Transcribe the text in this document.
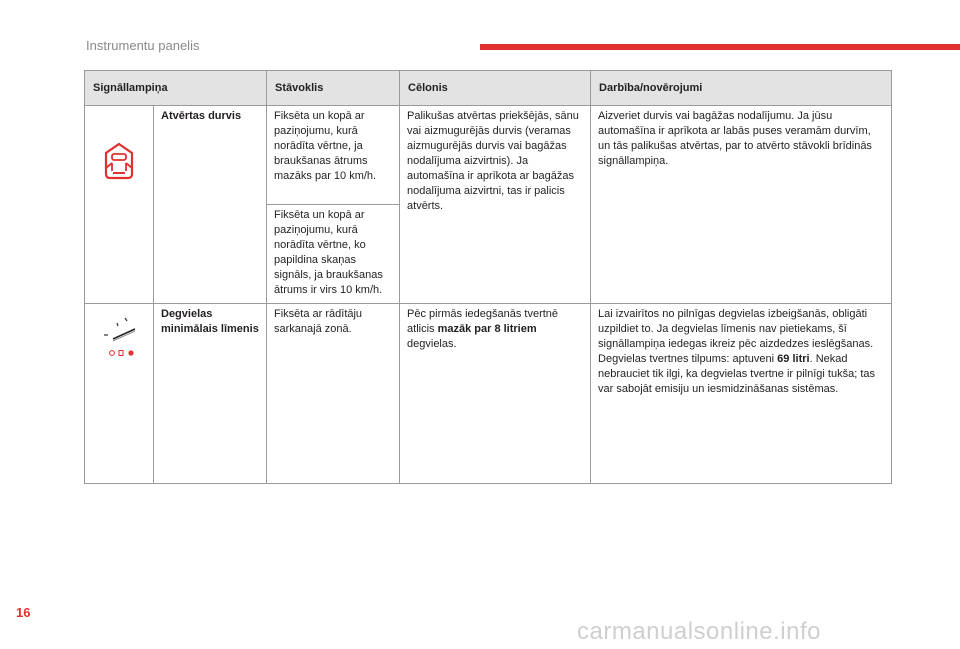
Instrumentu panelis
Signāllampiņa		Stāvoklis	Cēlonis	Darbība/novērojumi

	Atvērtas durvis	Fiksēta un kopā ar paziņojumu, kurā norādīta vērtne, ja braukšanas ātrums mazāks par 10 km/h.	Palikušas atvērtas priekšējās, sānu vai aizmugurējās durvis (veramas aizmugurējās durvis vai bagāžas nodalījuma aizvirtnis). Ja automašīna ir aprīkota ar bagāžas nodalījuma aizvirtni, tas ir palicis atvērts.	Aizveriet durvis vai bagāžas nodalījumu. Ja jūsu automašīna ir aprīkota ar labās puses veramām durvīm, un tās palikušas atvērtas, par to atvērto stāvokli brīdinās signāllampiņa.
		Fiksēta un kopā ar paziņojumu, kurā norādīta vērtne, ko papildina skaņas signāls, ja braukšanas ātrums ir virs 10 km/h.		

	Degvielas minimālais līmenis	Fiksēta ar rādītāju sarkanajā zonā.	Pēc pirmās iedegšanās tvertnē atlicis mazāk par 8 litriem degvielas.	Lai izvairītos no pilnīgas degvielas izbeigšanās, obligāti uzpildiet to. Ja degvielas līmenis nav pietiekams, šī signāllampiņa iedegas ikreiz pēc aizdedzes ieslēgšanas. Degvielas tvertnes tilpums: aptuveni 69 litri. Nekad nebrauciet tik ilgi, ka degvielas tvertne ir pilnīgi tukša; tas var sabojāt emisiju un iesmidzināšanas sistēmas.
16
carmanualsonline.info
